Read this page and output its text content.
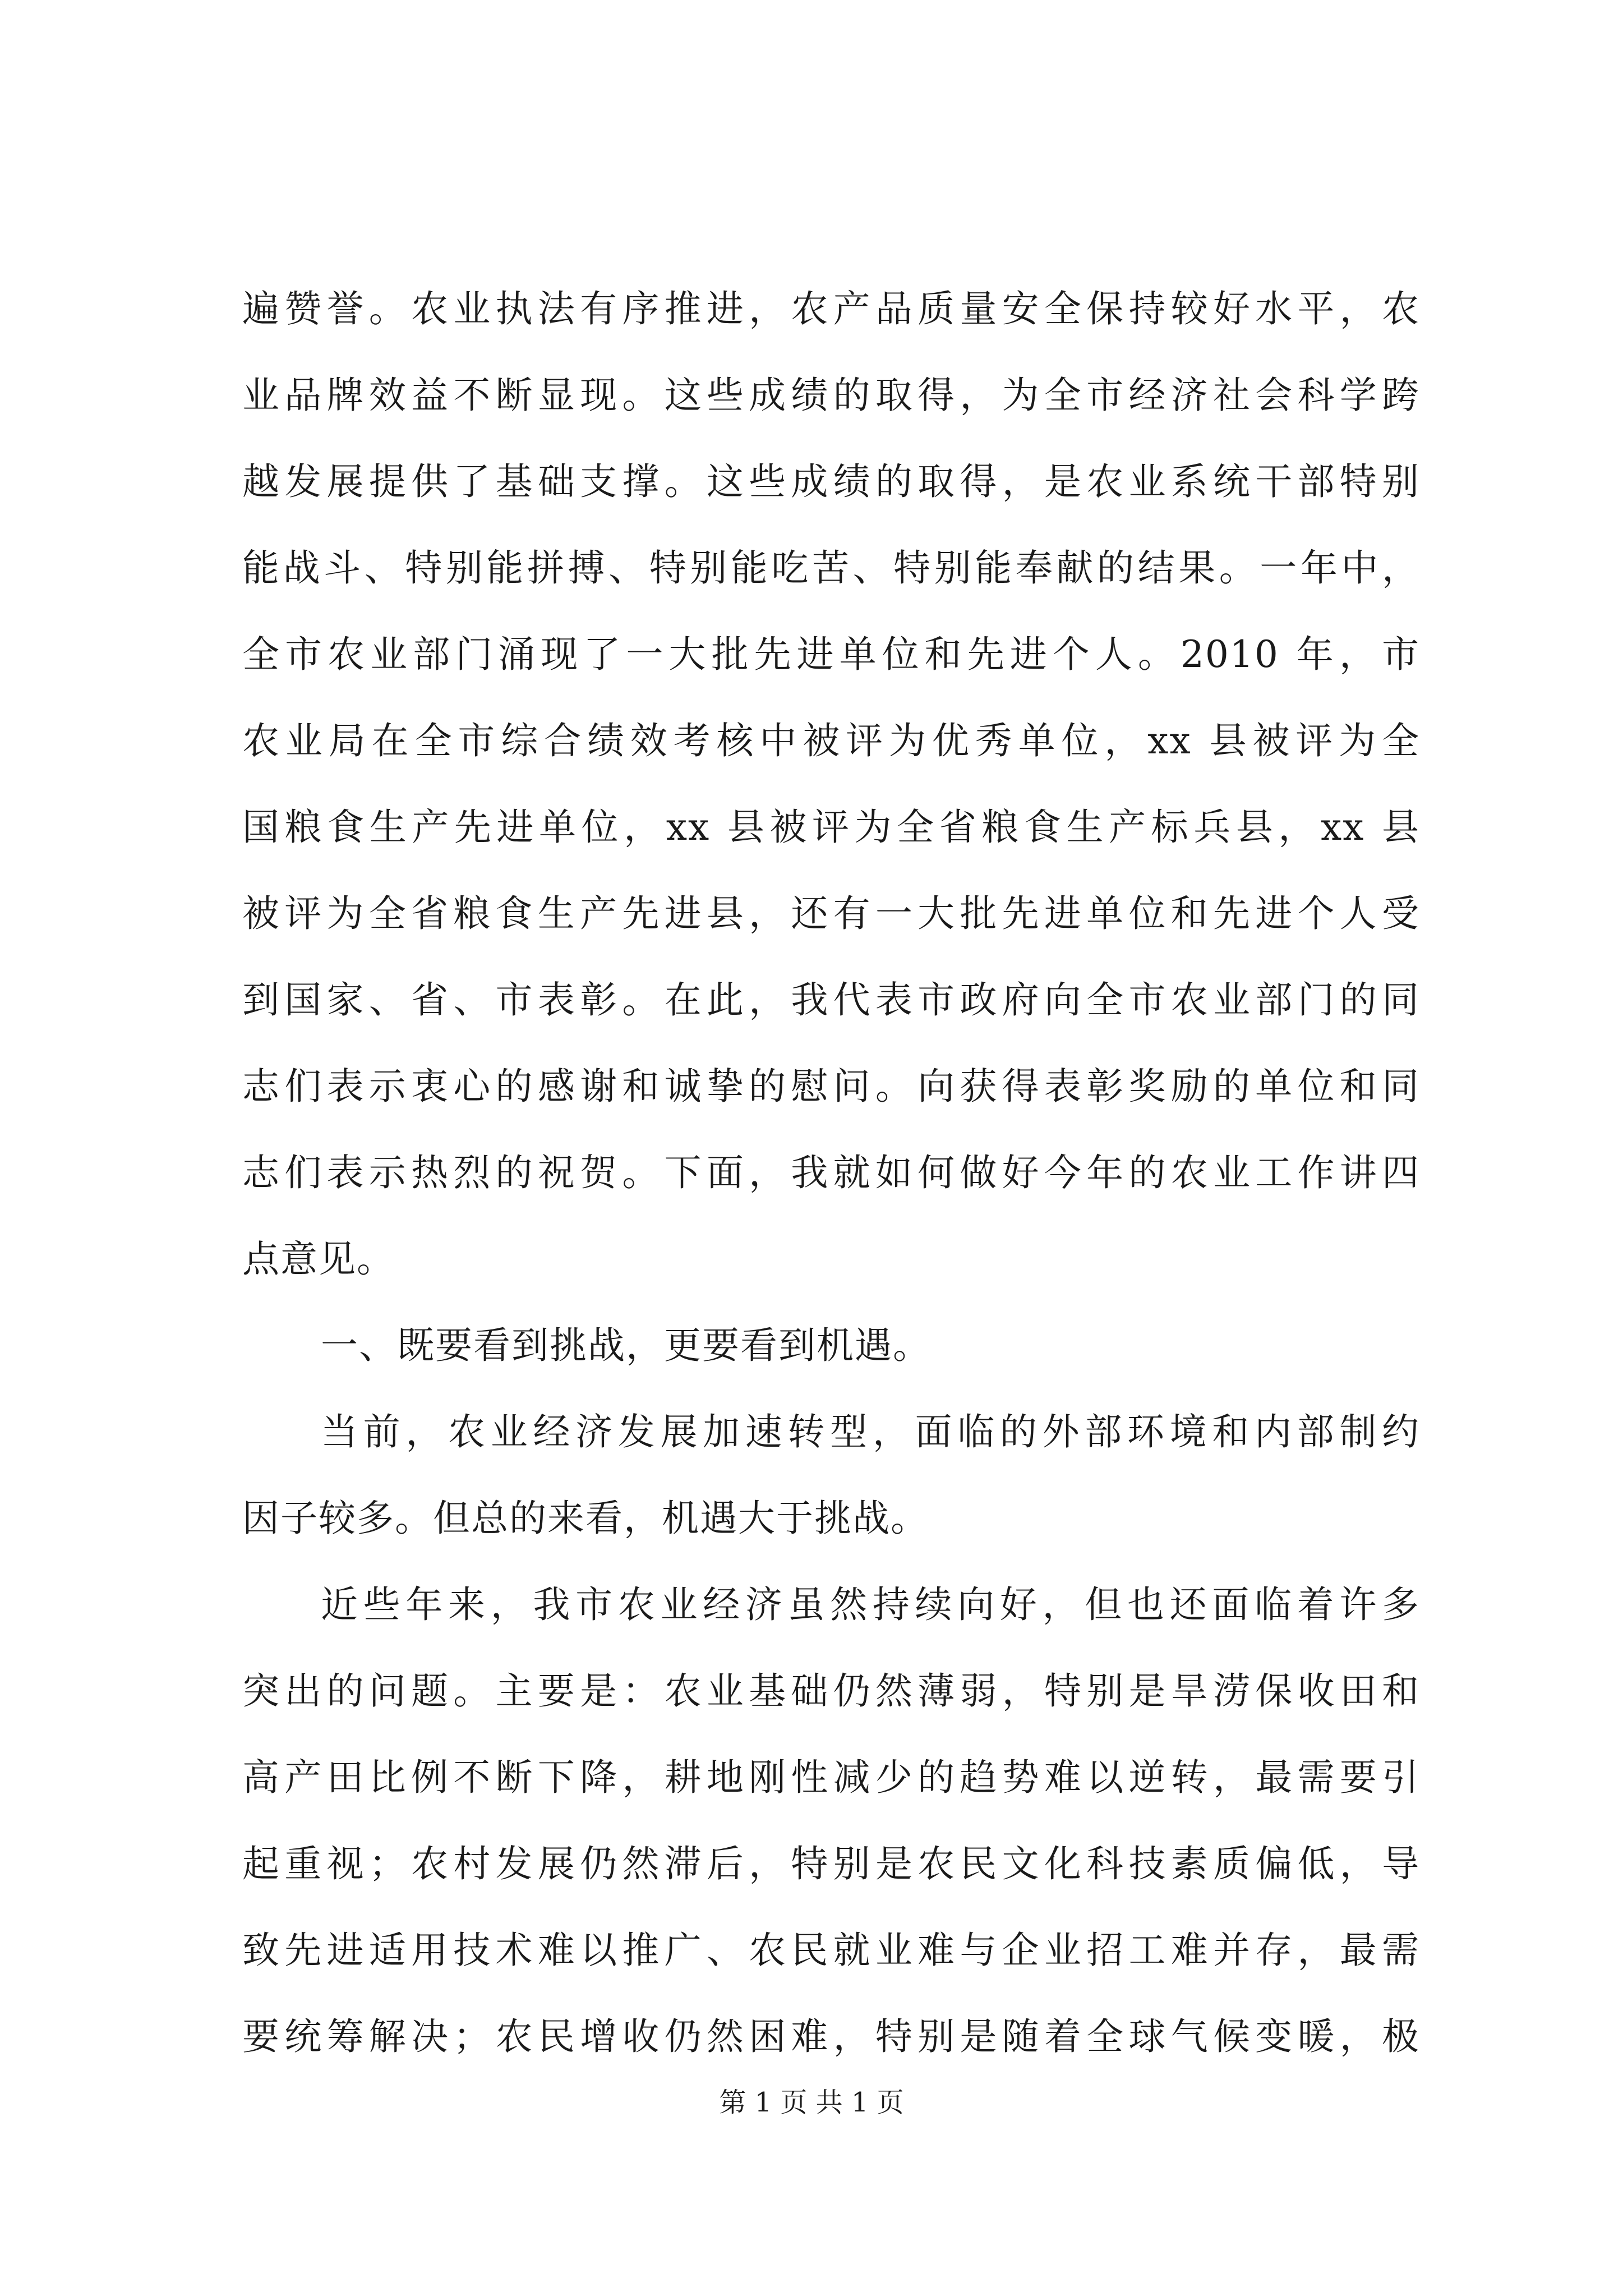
遍赞誉。农业执法有序推进，农产品质量安全保持较好水平，农
业品牌效益不断显现。这些成绩的取得，为全市经济社会科学跨
越发展提供了基础支撑。这些成绩的取得，是农业系统干部特别
能战斗、特别能拼搏、特别能吃苦、特别能奉献的结果。一年中，
全市农业部门涌现了一大批先进单位和先进个人。2010 年，市
农业局在全市综合绩效考核中被评为优秀单位，xx 县被评为全
国粮食生产先进单位，xx 县被评为全省粮食生产标兵县，xx 县
被评为全省粮食生产先进县，还有一大批先进单位和先进个人受
到国家、省、市表彰。在此，我代表市政府向全市农业部门的同
志们表示衷心的感谢和诚挚的慰问。向获得表彰奖励的单位和同
志们表示热烈的祝贺。下面，我就如何做好今年的农业工作讲四
点意见。
一、既要看到挑战，更要看到机遇。
当前，农业经济发展加速转型，面临的外部环境和内部制约
因子较多。但总的来看，机遇大于挑战。
近些年来，我市农业经济虽然持续向好，但也还面临着许多
突出的问题。主要是：农业基础仍然薄弱，特别是旱涝保收田和
高产田比例不断下降，耕地刚性减少的趋势难以逆转，最需要引
起重视；农村发展仍然滞后，特别是农民文化科技素质偏低，导
致先进适用技术难以推广、农民就业难与企业招工难并存，最需
要统筹解决；农民增收仍然困难，特别是随着全球气候变暖，极
第 1 页 共 1 页
